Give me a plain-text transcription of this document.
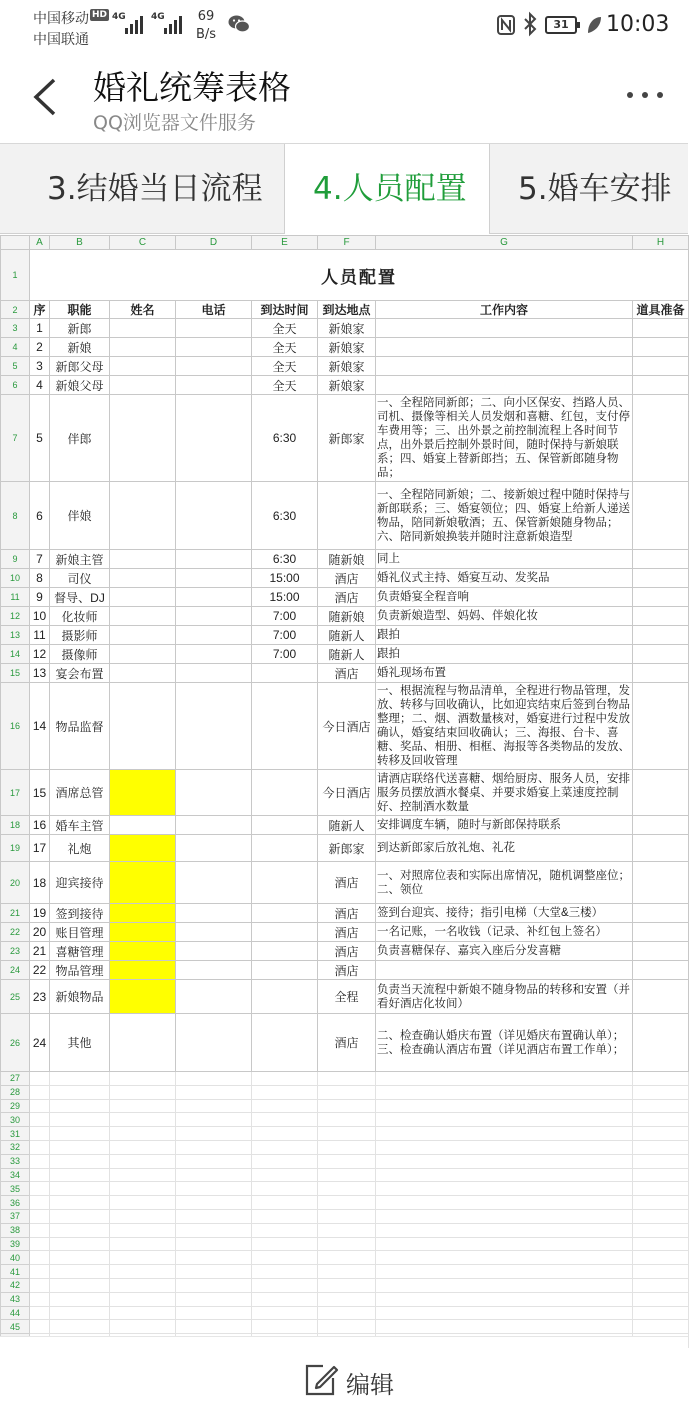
中国移动 HD
中国联通
4G	4G	69
B/s
31	10:03
婚礼统筹表格
QQ浏览器文件服务
3.结婚当日流程	4.人员配置	5.婚车安排
	A	B	C	D	E	F	G	H
1	人员配置							
2	序	职能	姓名	电话	到达时间	到达地点	工作内容	道具准备
3	1	新郎			全天	新娘家		
4	2	新娘			全天	新娘家		
5	3	新郎父母			全天	新娘家		
6	4	新娘父母			全天	新娘家		
7	5	伴郎			6:30	新郎家	一、全程陪同新郎；二、向小区保安、挡路人员、司机、摄像等相关人员发烟和喜糖、红包，支付停车费用等；三、出外景之前控制流程上各时间节点，出外景后控制外景时间，随时保持与新娘联系；四、婚宴上替新郎挡；五、保管新郎随身物品；	
8	6	伴娘			6:30		一、全程陪同新娘；二、接新娘过程中随时保持与新郎联系；三、婚宴领位；四、婚宴上给新人递送物品，陪同新娘敬酒；五、保管新娘随身物品；六、陪同新娘换装并随时注意新娘造型	
9	7	新娘主管			6:30	随新娘	同上	
10	8	司仪			15:00	酒店	婚礼仪式主持、婚宴互动、发奖品	
11	9	督导、DJ			15:00	酒店	负责婚宴全程音响	
12	10	化妆师			7:00	随新娘	负责新娘造型、妈妈、伴娘化妆	
13	11	摄影师			7:00	随新人	跟拍	
14	12	摄像师			7:00	随新人	跟拍	
15	13	宴会布置				酒店	婚礼现场布置	
16	14	物品监督				今日酒店	一、根据流程与物品清单，全程进行物品管理，发放、转移与回收确认，比如迎宾结束后签到台物品整理；二、烟、酒数量核对，婚宴进行过程中发放确认，婚宴结束回收确认；三、海报、台卡、喜糖、奖品、相册、相框、海报等各类物品的发放、转移及回收管理	
17	15	酒席总管				今日酒店	请酒店联络代送喜糖、烟给厨房、服务人员，安排服务员摆放酒水餐桌、并要求婚宴上菜速度控制好、控制酒水数量	
18	16	婚车主管				随新人	安排调度车辆，随时与新郎保持联系	
19	17	礼炮				新郎家	到达新郎家后放礼炮、礼花	
20	18	迎宾接待				酒店	一、对照席位表和实际出席情况，随机调整座位；二、领位	
21	19	签到接待				酒店	签到台迎宾、接待；指引电梯（大堂&三楼）	
22	20	账目管理				酒店	一名记账，一名收钱（记录、补红包上签名）	
23	21	喜糖管理				酒店	负责喜糖保存、嘉宾入座后分发喜糖	
24	22	物品管理				酒店		
25	23	新娘物品				全程	负责当天流程中新娘不随身物品的转移和安置（并看好酒店化妆间）	
26	24	其他				酒店	二、检查确认婚庆布置（详见婚庆布置确认单）；三、检查确认酒店布置（详见酒店布置工作单）；	
27								
28								
29								
30								
31								
32								
33								
34								
35								
36								
37								
38								
39								
40								
41								
42								
43								
44								
45								

编辑
